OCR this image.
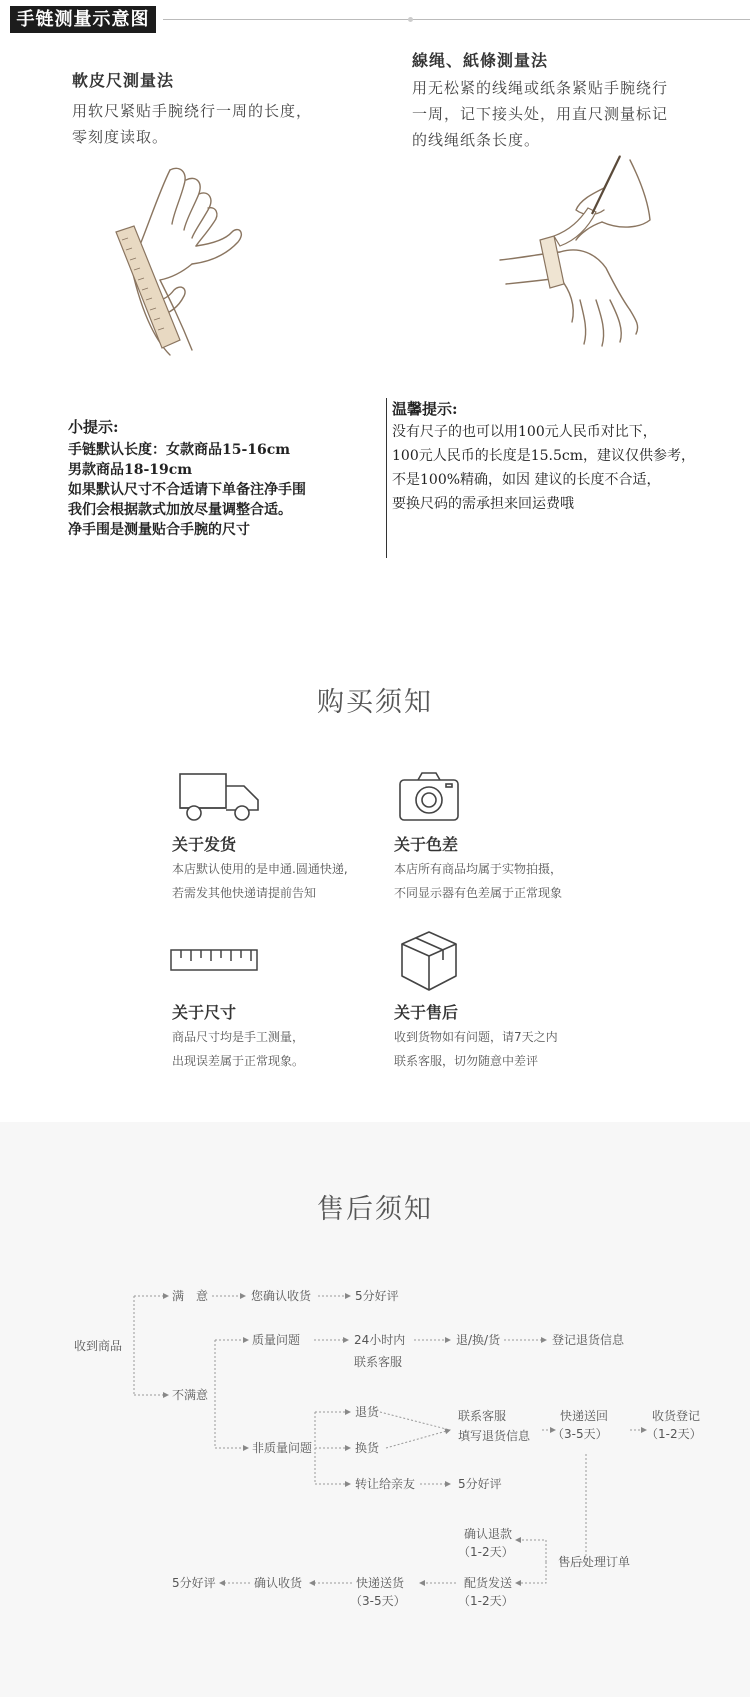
手链测量示意图
軟皮尺測量法
用软尺紧贴手腕绕行一周的长度，
零刻度读取。
線绳、紙條測量法
用无松紧的线绳或纸条紧贴手腕绕行
一周，记下接头处，用直尺测量标记
的线绳纸条长度。
小提示:
手链默认长度：女款商品15-16cm
男款商品18-19cm
如果默认尺寸不合适请下单备注净手围
我们会根据款式加放尽量调整合适。
净手围是测量贴合手腕的尺寸
温馨提示:
没有尺子的也可以用100元人民币对比下，
100元人民币的长度是15.5cm，建议仅供参考，
不是100%精确，如因 建议的长度不合适，
要换尺码的需承担来回运费哦
购买须知
关于发货
本店默认使用的是申通.圆通快递,
若需发其他快递请提前告知
关于色差
本店所有商品均属于实物拍摄，
不同显示器有色差属于正常现象
关于尺寸
商品尺寸均是手工测量，
出现误差属于正常现象。
关于售后
收到货物如有问题，请7天之内
联系客服，切勿随意中差评
售后须知
收到商品
满　意	您确认收货	5分好评
不满意
质量问题	24小时内
联系客服
退/换/货	登记退货信息
非质量问题
退货
换货
转让给亲友	5分好评
联系客服
填写退货信息
快递送回
（3-5天）
收货登记
（1-2天）
确认退款
（1-2天）
售后处理订单
配货发送
（1-2天）
快递送货
（3-5天）
确认收货
5分好评
